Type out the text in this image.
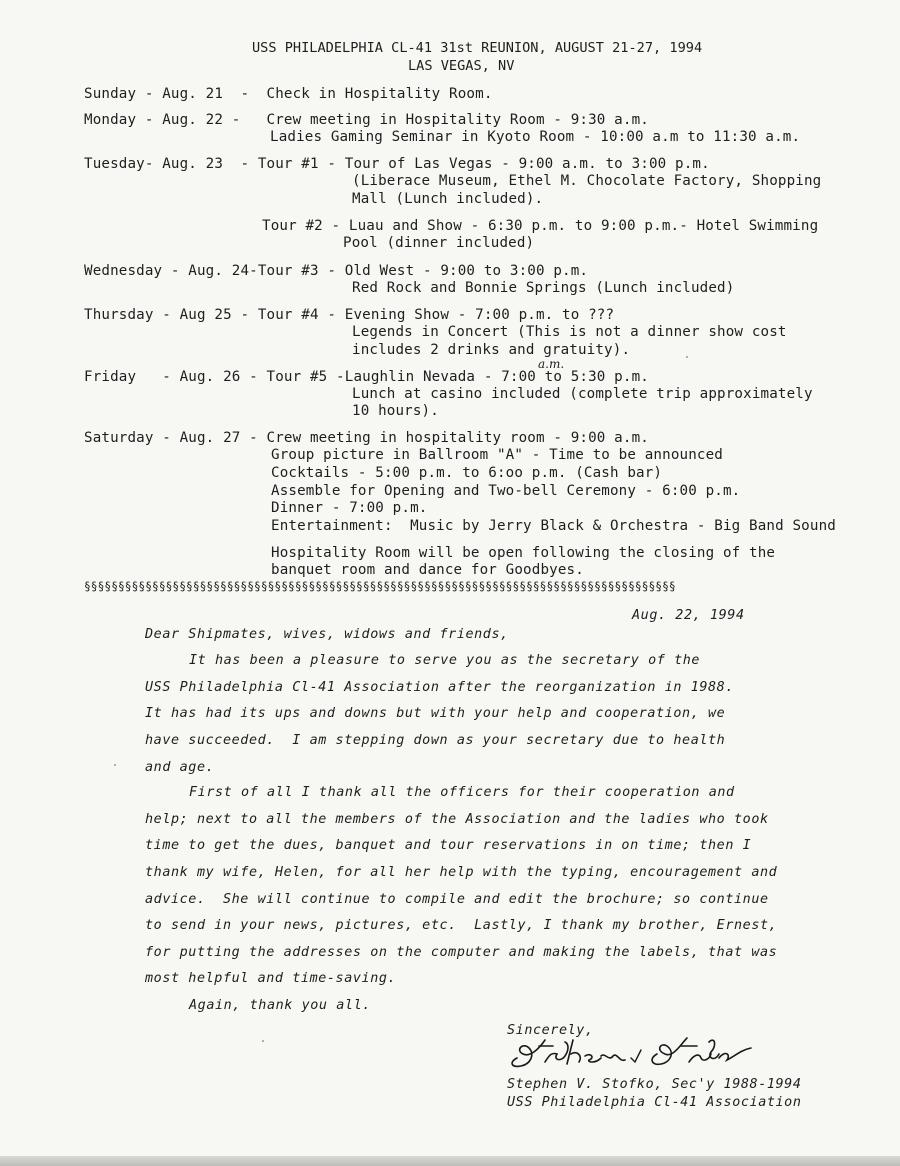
USS PHILADELPHIA CL-41 31st REUNION, AUGUST 21-27, 1994
LAS VEGAS, NV
Sunday - Aug. 21  -  Check in Hospitality Room.
Monday - Aug. 22 -   Crew meeting in Hospitality Room - 9:30 a.m.
Ladies Gaming Seminar in Kyoto Room - 10:00 a.m to 11:30 a.m.
Tuesday- Aug. 23  - Tour #1 - Tour of Las Vegas - 9:00 a.m. to 3:00 p.m.
(Liberace Museum, Ethel M. Chocolate Factory, Shopping
Mall (Lunch included).
Tour #2 - Luau and Show - 6:30 p.m. to 9:00 p.m.- Hotel Swimming
Pool (dinner included)
Wednesday - Aug. 24-Tour #3 - Old West - 9:00 to 3:00 p.m.
Red Rock and Bonnie Springs (Lunch included)
Thursday - Aug 25 - Tour #4 - Evening Show - 7:00 p.m. to ???
Legends in Concert (This is not a dinner show cost
includes 2 drinks and gratuity).
a.m.
Friday   - Aug. 26 - Tour #5 -Laughlin Nevada - 7:00 to 5:30 p.m.
Lunch at casino included (complete trip approximately
10 hours).
Saturday - Aug. 27 - Crew meeting in hospitality room - 9:00 a.m.
Group picture in Ballroom "A" - Time to be announced
Cocktails - 5:00 p.m. to 6:oo p.m. (Cash bar)
Assemble for Opening and Two-bell Ceremony - 6:00 p.m.
Dinner - 7:00 p.m.
Entertainment:  Music by Jerry Black & Orchestra - Big Band Sound
Hospitality Room will be open following the closing of the
banquet room and dance for Goodbyes.
§§§§§§§§§§§§§§§§§§§§§§§§§§§§§§§§§§§§§§§§§§§§§§§§§§§§§§§§§§§§§§§§§§§§§§§§§§§§§§§§§§§§§§§
Aug. 22, 1994
Dear Shipmates, wives, widows and friends,
It has been a pleasure to serve you as the secretary of the
USS Philadelphia Cl-41 Association after the reorganization in 1988.
It has had its ups and downs but with your help and cooperation, we
have succeeded.  I am stepping down as your secretary due to health
and age.
First of all I thank all the officers for their cooperation and
help; next to all the members of the Association and the ladies who took
time to get the dues, banquet and tour reservations in on time; then I
thank my wife, Helen, for all her help with the typing, encouragement and
advice.  She will continue to compile and edit the brochure; so continue
to send in your news, pictures, etc.  Lastly, I thank my brother, Ernest,
for putting the addresses on the computer and making the labels, that was
most helpful and time-saving.
Again, thank you all.
Sincerely,
Stephen V. Stofko, Sec'y 1988-1994
USS Philadelphia Cl-41 Association
